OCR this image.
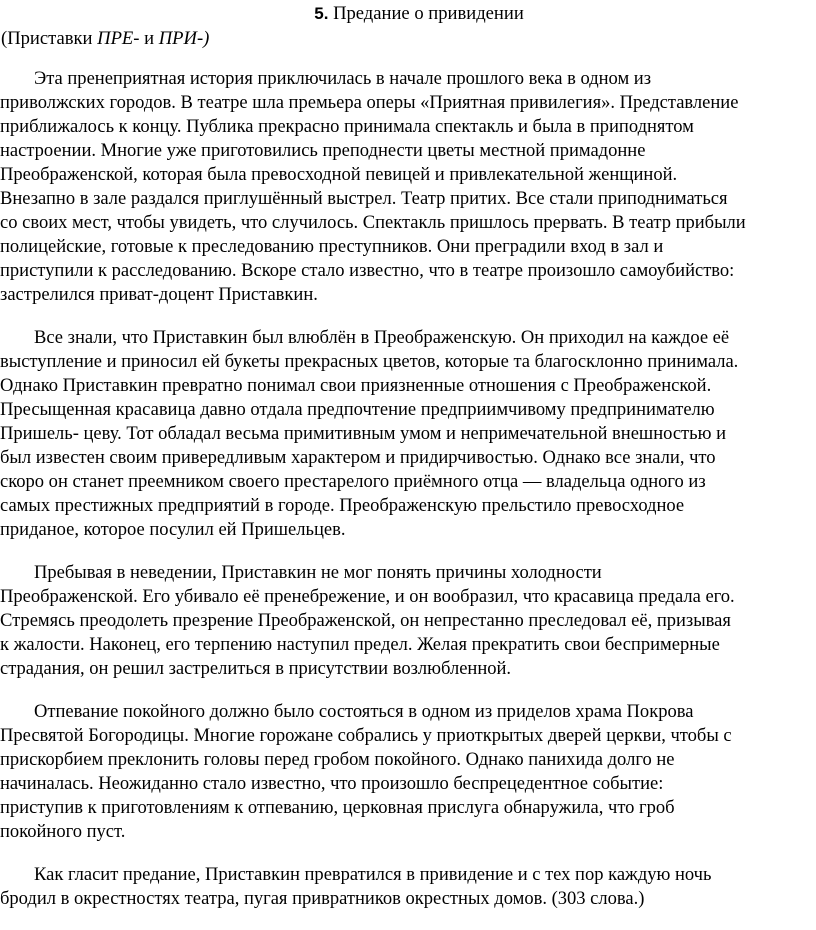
5. Предание о привидении
(Приставки ПРЕ- и ПРИ-)

Эта пренеприятная история приключилась в начале прошлого века в одном из
приволжских городов. В театре шла премьера оперы «Приятная привилегия». Представление
приближалось к концу. Публика прекрасно принимала спектакль и была в приподнятом
настроении. Многие уже приготовились преподнести цветы местной примадонне
Преображенской, которая была превосходной певицей и привлекательной женщиной.
Внезапно в зале раздался приглушённый выстрел. Театр притих. Все стали приподниматься
со своих мест, чтобы увидеть, что случилось. Спектакль пришлось прервать. В театр прибыли
полицейские, готовые к преследованию преступников. Они преградили вход в зал и
приступили к расследованию. Вскоре стало известно, что в театре произошло самоубийство:
застрелился приват-доцент Приставкин.

Все знали, что Приставкин был влюблён в Преображенскую. Он приходил на каждое её
выступление и приносил ей букеты прекрасных цветов, которые та благосклонно принимала.
Однако Приставкин превратно понимал свои приязненные отношения с Преображенской.
Пресыщенная красавица давно отдала предпочтение предприимчивому предпринимателю
Пришель- цеву. Тот обладал весьма примитивным умом и непримечательной внешностью и
был известен своим привередливым характером и придирчивостью. Однако все знали, что
скоро он станет преемником своего престарелого приёмного отца — владельца одного из
самых престижных предприятий в городе. Преображенскую прельстило превосходное
приданое, которое посулил ей Пришельцев.

Пребывая в неведении, Приставкин не мог понять причины холодности
Преображенской. Его убивало её пренебрежение, и он вообразил, что красавица предала его.
Стремясь преодолеть презрение Преображенской, он непрестанно преследовал её, призывая
к жалости. Наконец, его терпению наступил предел. Желая прекратить свои беспримерные
страдания, он решил застрелиться в присутствии возлюбленной.

Отпевание покойного должно было состояться в одном из приделов храма Покрова
Пресвятой Богородицы. Многие горожане собрались у приоткрытых дверей церкви, чтобы с
прискорбием преклонить головы перед гробом покойного. Однако панихида долго не
начиналась. Неожиданно стало известно, что произошло беспрецедентное событие:
приступив к приготовлениям к отпеванию, церковная прислуга обнаружила, что гроб
покойного пуст.

Как гласит предание, Приставкин превратился в привидение и с тех пор каждую ночь
бродил в окрестностях театра, пугая привратников окрестных домов. (303 слова.)
